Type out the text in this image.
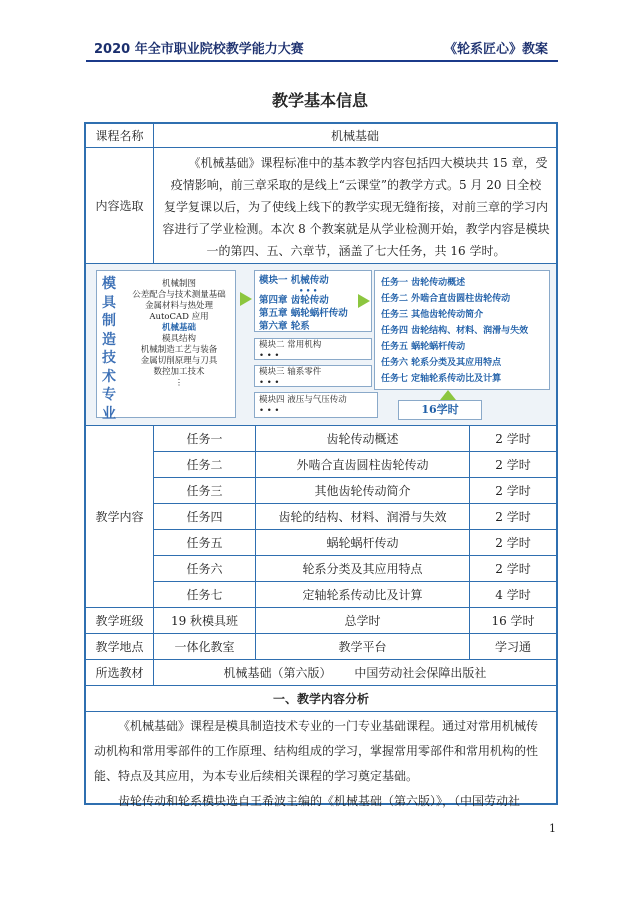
2020 年全市职业院校教学能力大赛	《轮系匠心》教案
教学基本信息
课程名称	机械基础
内容选取
《机械基础》课程标准中的基本教学内容包括四大模块共 15 章，受
疫情影响，前三章采取的是线上“云课堂”的教学方式。5 月 20 日全校
复学复课以后，为了使线上线下的教学实现无缝衔接，对前三章的学习内
容进行了学业检测。本次 8 个教案就是从学业检测开始，教学内容是模块
一的第四、五、六章节，涵盖了七大任务，共 16 学时。
模
具
制
造
技
术
专
业
机械制图
公差配合与技术测量基础
金属材料与热处理
AutoCAD 应用
机械基础
模具结构
机械制造工艺与装备
金属切削原理与刀具
数控加工技术
⋮
模块一 机械传动
• • •
第四章 齿轮传动
第五章 蜗轮蜗杆传动
第六章 轮系
模块二 常用机构
• • •
模块三 轴系零件
• • •
模块四 液压与气压传动
• • •
任务一 齿轮传动概述
任务二 外啮合直齿圆柱齿轮传动
任务三 其他齿轮传动简介
任务四 齿轮结构、材料、润滑与失效
任务五 蜗轮蜗杆传动
任务六 轮系分类及其应用特点
任务七 定轴轮系传动比及计算
16学时
教学内容
任务一	齿轮传动概述	2 学时
任务二	外啮合直齿圆柱齿轮传动	2 学时
任务三	其他齿轮传动简介	2 学时
任务四	齿轮的结构、材料、润滑与失效	2 学时
任务五	蜗轮蜗杆传动	2 学时
任务六	轮系分类及其应用特点	2 学时
任务七	定轴轮系传动比及计算	4 学时
教学班级	19 秋模具班	总学时	16 学时
教学地点	一体化教室	教学平台	学习通
所选教材	机械基础（第六版）      中国劳动社会保障出版社
一、教学内容分析
《机械基础》课程是模具制造技术专业的一门专业基础课程。通过对常用机械传
动机构和常用零部件的工作原理、结构组成的学习，掌握常用零部件和常用机构的性
能、特点及其应用，为本专业后续相关课程的学习奠定基础。
齿轮传动和轮系模块选自王希波主编的《机械基础（第六版）》，（中国劳动社
1
